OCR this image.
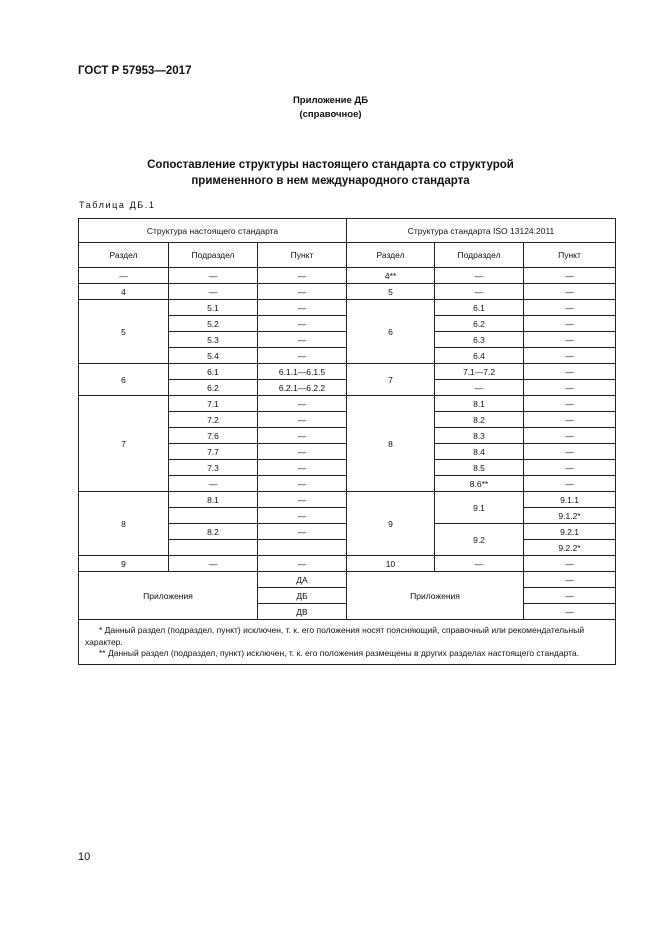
ГОСТ Р 57953—2017
Приложение ДБ
(справочное)
Сопоставление структуры настоящего стандарта со структурой
примененного в нем международного стандарта
Таблица ДБ.1
Структура настоящего стандарта			Структура стандарта ISO 13124:2011		
Раздел	Подраздел	Пункт	Раздел	Подраздел	Пункт
—	—	—	4**	—	—
4	—	—	5	—	—
5	5.1	—	6	6.1	—
	5.2	—		6.2	—
	5.3	—		6.3	—
	5.4	—		6.4	—
6	6.1	6.1.1—6.1.5	7	7.1—7.2	—
	6.2	6.2.1—6.2.2		—	—
7	7.1	—	8	8.1	—
	7.2	—		8.2	—
	7.6	—		8.3	—
	7.7	—		8.4	—
	7.3	—		8.5	—
	—	—		8.6**	—
8	8.1	—	9	9.1	9.1.1
		—			9.1.2*
	8.2	—		9.2	9.2.1
					9.2.2*
9	—	—	10	—	—
Приложения		ДА	Приложения		—
		ДБ			—
		ДВ			—

* Данный раздел (подраздел, пункт) исключен, т. к. его положения носят поясняющий, справочный или рекомендательный характер.

** Данный раздел (подраздел, пункт) исключен, т. к. его положения размещены в других разделах настоящего стандарта.					

10
